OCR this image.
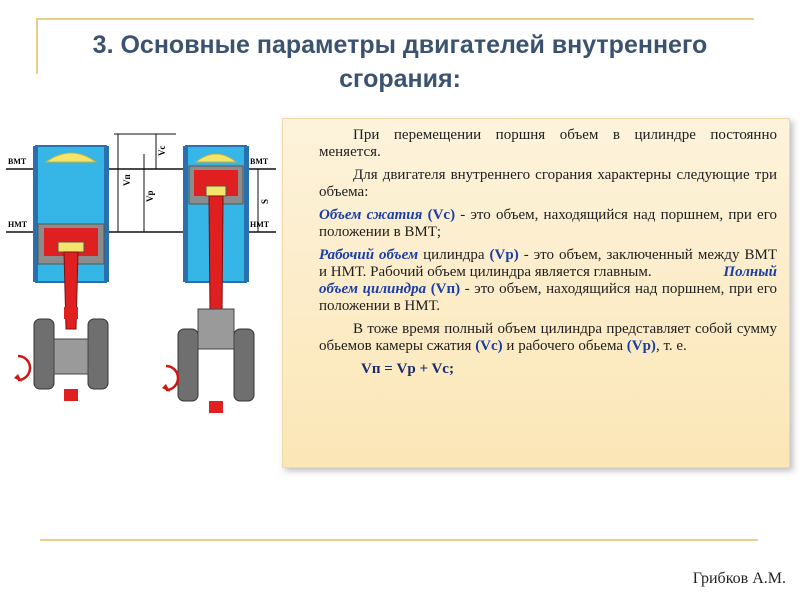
3. Основные параметры двигателей внутреннего
сгорания:
ВМТ
НМТ
ВМТ
НМТ
Vп
Vp
Vc
S

При перемещении поршня объем в цилиндре постоянно меняется.

Для двигателя внутреннего сгорания характерны следующие три объема:

Объем сжатия (Vc) - это объем, находящийся над поршнем, при его положении в ВМТ;

Рабочий объем цилиндра (Vp) - это объем, заключенный между ВМТ и НМТ. Рабочий объем цилиндра является главным.	Полный

объем цилиндра (Vп) - это объем, находящийся над поршнем, при его положении в НМТ.

В тоже время полный объем цилиндра представляет собой сумму обьемов камеры сжатия (Vc) и рабочего обьема (Vp), т. е.

Vп = Vp + Vc;

Грибков А.М.
